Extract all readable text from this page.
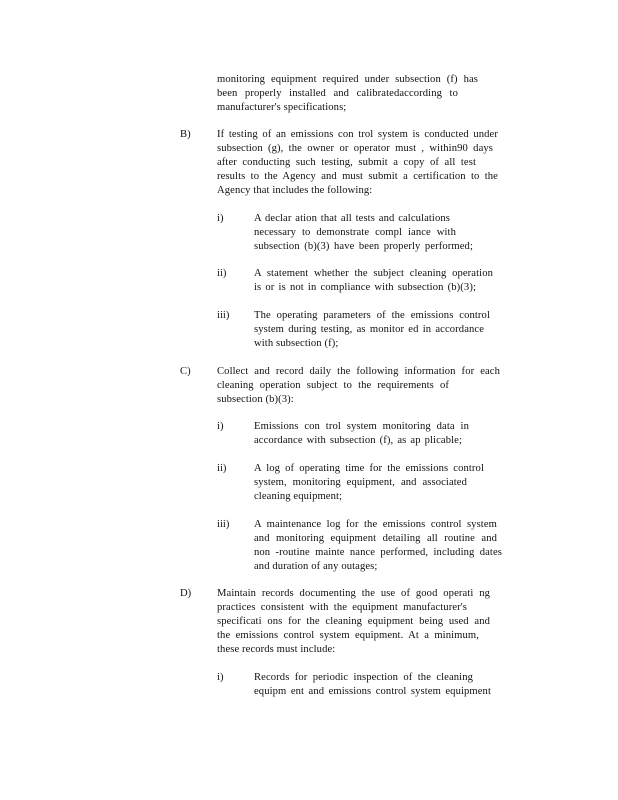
monitoring equipment required under subsection (f) has
been properly installed and calibratedaccording to
manufacturer's specifications;
B) If testing of an emissions con trol system is conducted under
subsection (g), the owner or operator must , within90 days
after conducting such testing, submit a copy of all test
results to the Agency and must submit a certification to the
Agency that includes the following:
i)	A declar ation that all tests and calculations
necessary to demonstrate compl iance with
subsection (b)(3) have been properly performed;
ii)	A statement whether the subject cleaning operation
is or is not in compliance with subsection (b)(3);
iii) The operating parameters of the emissions control
system during testing, as monitor ed in accordance
with subsection (f);
C) Collect and record daily the following information for each
cleaning operation subject to the requirements of
subsection (b)(3):
i)	Emissions con trol system monitoring data in
accordance with subsection (f), as ap plicable;
ii)	A log of operating time for the emissions control
system, monitoring equipment, and associated
cleaning equipment;
iii) A maintenance log for the emissions control system
and monitoring equipment detailing all routine and
non -routine mainte nance performed, including dates
and duration of any outages;
D) Maintain records documenting the use of good operati ng
practices consistent with the equipment manufacturer's
specificati ons for the cleaning equipment being used and
the emissions control system equipment. At a minimum,
these records must include:
i)	Records for periodic inspection of the cleaning
equipm ent and emissions control system equipment
